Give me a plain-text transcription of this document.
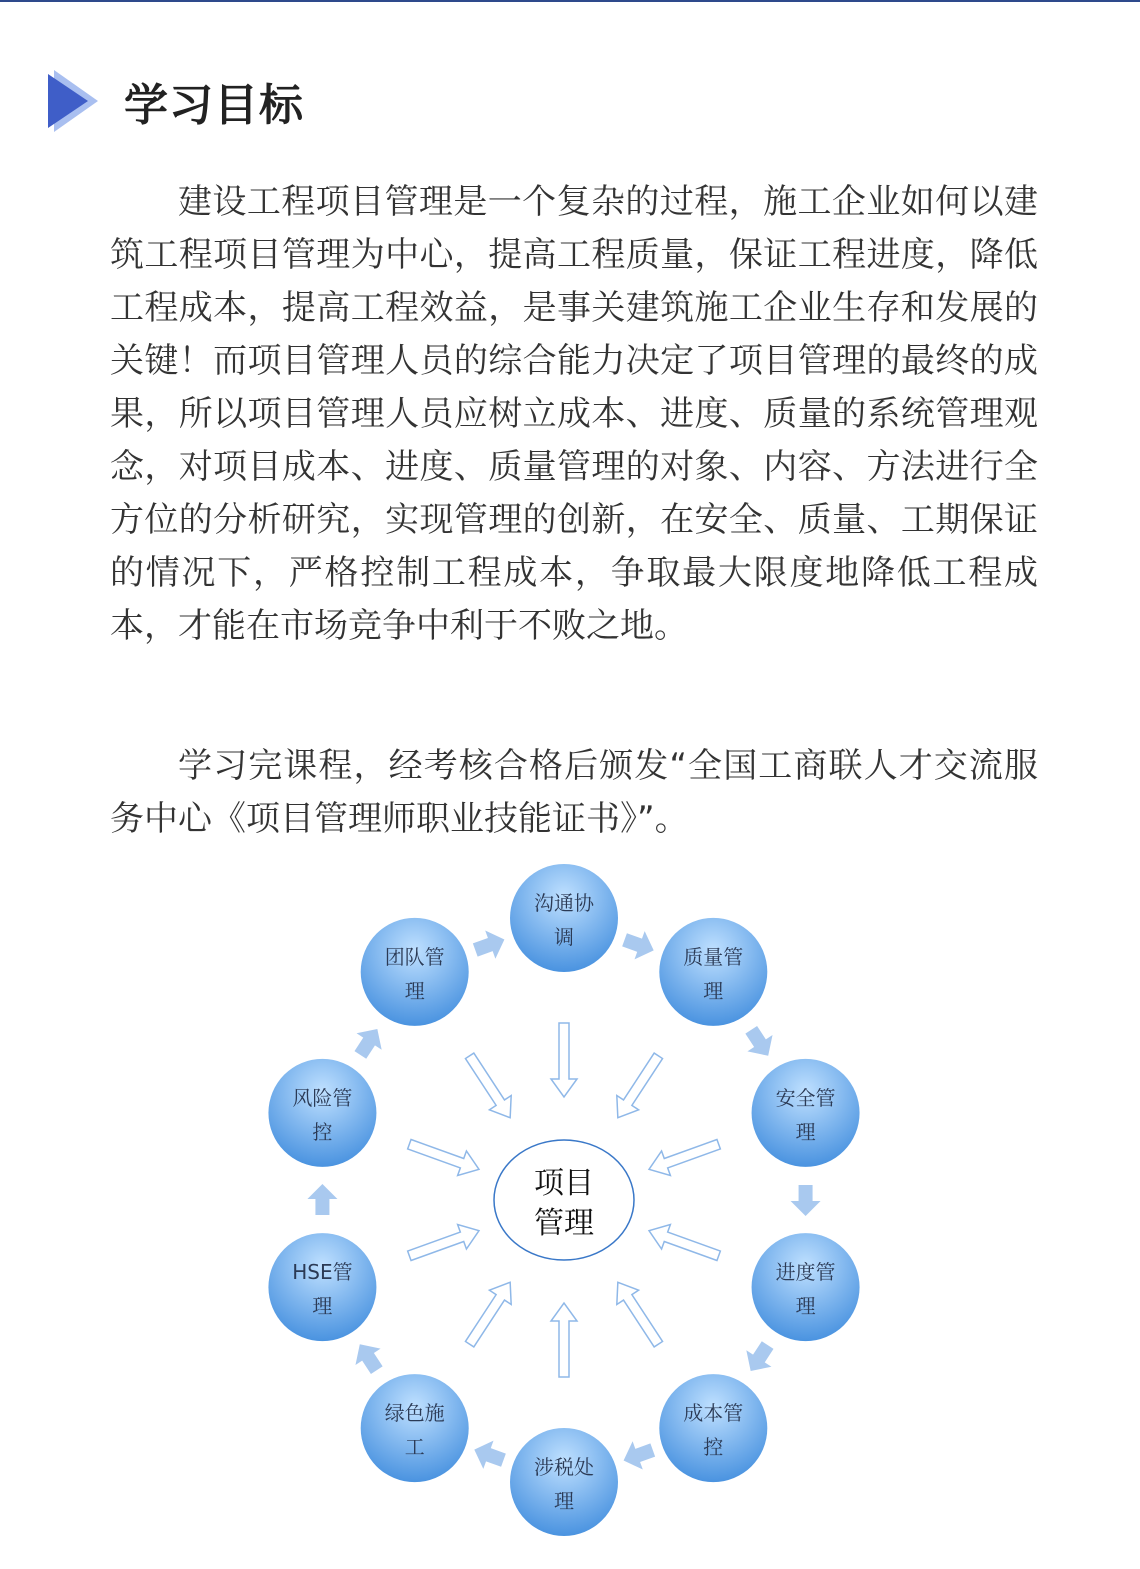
学习目标

建设工程项目管理是一个复杂的过程，施工企业如何以建筑工程项目管理为中心，提高工程质量，保证工程进度，降低工程成本，提高工程效益，是事关建筑施工企业生存和发展的关键！而项目管理人员的综合能力决定了项目管理的最终的成果，所以项目管理人员应树立成本、进度、质量的系统管理观念，对项目成本、进度、质量管理的对象、内容、方法进行全方位的分析研究，实现管理的创新，在安全、质量、工期保证的情况下，严格控制工程成本，争取最大限度地降低工程成本，才能在市场竞争中利于不败之地。

学习完课程，经考核合格后颁发“全国工商联人才交流服务中心《项目管理师职业技能证书》”。

沟通协
调
质量管
理
安全管
理
进度管
理
成本管
控
涉税处
理
绿色施
工
HSE管
理
风险管
控
团队管
理
项目
管理
